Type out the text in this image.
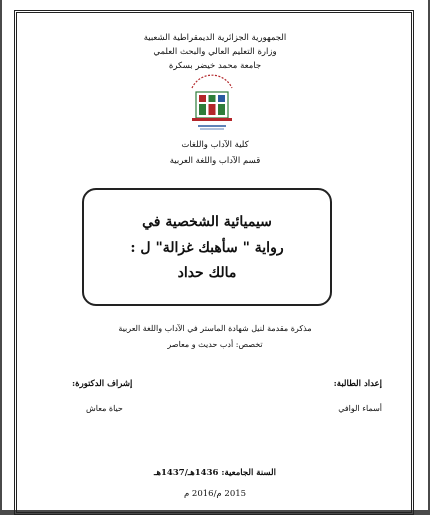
الجمهورية الجزائرية الديمقراطية الشعبية
وزارة التعليم العالي والبحث العلمي
جامعة محمد خيضر بسكرة
كلية الآداب واللغات
قسم الآداب واللغة العربية
سيميائية الشخصية في
رواية " سأهبك غزالة" ل :
مالك حداد
مذكرة مقدمة لنيل شهادة الماستر في الآداب واللغة العربية
تخصص: أدب حديث و معاصر
إعداد الطالبة:
أسماء الوافي
إشراف الدكتورة:
حياة معاش
السنة الجامعية: 1436هـ/1437هـ
2015 م/2016 م
